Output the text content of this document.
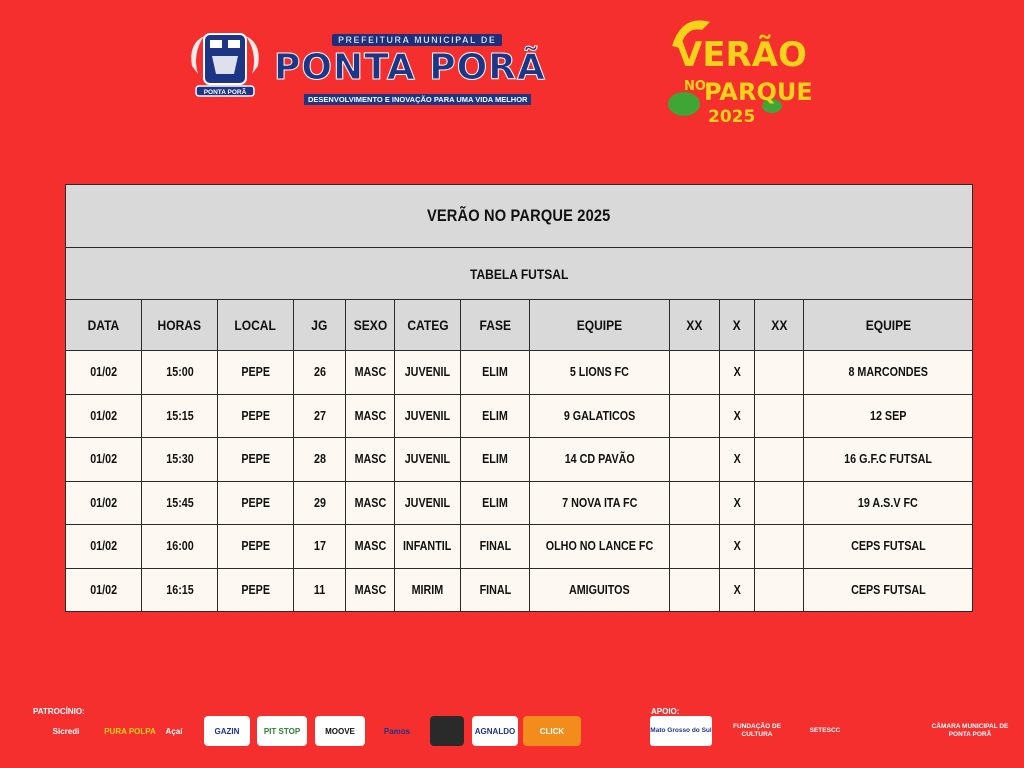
PONTA PORÃ
PREFEITURA MUNICIPAL DE
PONTA PORÃ
DESENVOLVIMENTO E INOVAÇÃO PARA UMA VIDA MELHOR
VERÃO
NO
PARQUE
2025
VERÃO NO PARQUE 2025											
TABELA FUTSAL											
DATA	HORAS	LOCAL	JG	SEXO	CATEG	FASE	EQUIPE	XX	X	XX	EQUIPE
01/02	15:00	PEPE	26	MASC	JUVENIL	ELIM	5 LIONS FC		X		8 MARCONDES
01/02	15:15	PEPE	27	MASC	JUVENIL	ELIM	9 GALATICOS		X		12 SEP
01/02	15:30	PEPE	28	MASC	JUVENIL	ELIM	14 CD PAVÃO		X		16 G.F.C FUTSAL
01/02	15:45	PEPE	29	MASC	JUVENIL	ELIM	7 NOVA ITA FC		X		19 A.S.V FC
01/02	16:00	PEPE	17	MASC	INFANTIL	FINAL	OLHO NO LANCE FC		X		CEPS FUTSAL
01/02	16:15	PEPE	11	MASC	MIRIM	FINAL	AMIGUITOS		X		CEPS FUTSAL
PATROCÍNIO:
Sicredi	PURA POLPA	Açaí	GAZIN	PIT STOP	MOOVE	Pamos	AGNALDO	CLICK
APOIO:
Mato Grosso do Sul
FUNDAÇÃO DE CULTURA
SETESCC
CÂMARA MUNICIPAL DE PONTA PORÃ
